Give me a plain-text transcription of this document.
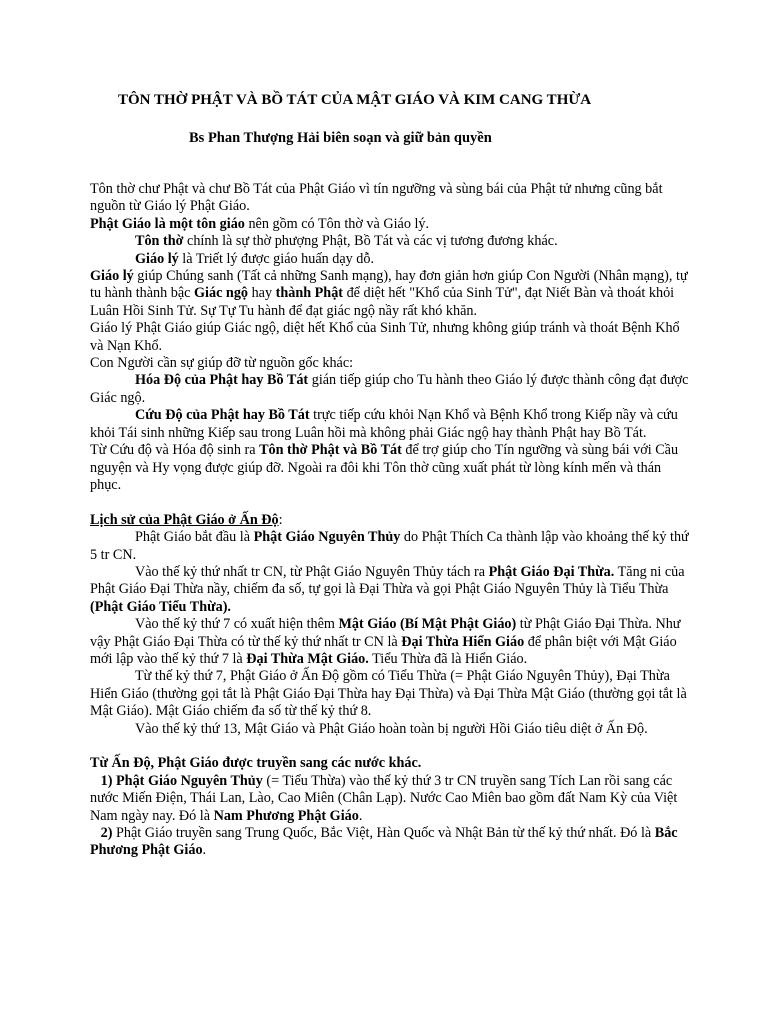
TÔN THỜ PHẬT VÀ BỒ TÁT CỦA MẬT GIÁO VÀ KIM CANG THỪA
Bs Phan Thượng Hải biên soạn và giữ bản quyền

Tôn thờ chư Phật và chư Bồ Tát của Phật Giáo vì tín ngưỡng và sùng bái của Phật tử nhưng cũng bắt nguồn từ Giáo lý Phật Giáo.

Phật Giáo là một tôn giáo nên gồm có Tôn thờ và Giáo lý.

Tôn thờ chính là sự thờ phượng Phật, Bồ Tát và các vị tương đương khác.

Giáo lý là Triết lý được giáo huấn dạy dỗ.

Giáo lý giúp Chúng sanh (Tất cả những Sanh mạng), hay đơn giản hơn giúp Con Người (Nhân mạng), tự tu hành thành bậc Giác ngộ hay thành Phật để diệt hết "Khổ của Sinh Tử", đạt Niết Bàn và thoát khỏi Luân Hồi Sinh Tử. Sự Tự Tu hành để đạt giác ngộ nầy rất khó khăn.

Giáo lý Phật Giáo giúp Giác ngộ, diệt hết Khổ của Sinh Tử, nhưng không giúp tránh và thoát Bệnh Khổ và Nạn Khổ.

Con Người cần sự giúp đỡ từ nguồn gốc khác:

Hóa Độ của Phật hay Bồ Tát gián tiếp giúp cho Tu hành theo Giáo lý được thành công đạt được Giác ngộ.

Cứu Độ của Phật hay Bồ Tát trực tiếp cứu khỏi Nạn Khổ và Bệnh Khổ trong Kiếp nầy và cứu khỏi Tái sinh những Kiếp sau trong Luân hồi mà không phải Giác ngộ hay thành Phật hay Bồ Tát.

Từ Cứu độ và Hóa độ sinh ra Tôn thờ Phật và Bồ Tát để trợ giúp cho Tín ngưỡng và sùng bái với Cầu nguyện và Hy vọng được giúp đỡ. Ngoài ra đôi khi Tôn thờ cũng xuất phát từ lòng kính mến và thán phục.

Lịch sử của Phật Giáo ở Ấn Độ:

Phật Giáo bắt đầu là Phật Giáo Nguyên Thủy do Phật Thích Ca thành lập vào khoảng thế kỷ thứ 5 tr CN.

Vào thế kỷ thứ nhất tr CN, từ Phật Giáo Nguyên Thủy tách ra Phật Giáo Đại Thừa. Tăng ni của Phật Giáo Đại Thừa nầy, chiếm đa số, tự gọi là Đại Thừa và gọi Phật Giáo Nguyên Thủy là Tiểu Thừa (Phật Giáo Tiểu Thừa).

Vào thế kỷ thứ 7 có xuất hiện thêm Mật Giáo (Bí Mật Phật Giáo) từ Phật Giáo Đại Thừa. Như vậy Phật Giáo Đại Thừa có từ thế kỷ thứ nhất tr CN là Đại Thừa Hiển Giáo để phân biệt với Mật Giáo mới lập vào thế kỷ thứ 7 là Đại Thừa Mật Giáo. Tiểu Thừa đã là Hiển Giáo.

Từ thế kỷ thứ 7, Phật Giáo ở Ấn Độ gồm có Tiểu Thừa (= Phật Giáo Nguyên Thủy), Đại Thừa Hiển Giáo (thường gọi tắt là Phật Giáo Đại Thừa hay Đại Thừa) và Đại Thừa Mật Giáo (thường gọi tắt là Mật Giáo). Mật Giáo chiếm đa số từ thế kỷ thứ 8.

Vào thế kỷ thứ 13, Mật Giáo và Phật Giáo hoàn toàn bị người Hồi Giáo tiêu diệt ở Ấn Độ.

Từ Ấn Độ, Phật Giáo được truyền sang các nước khác.

1) Phật Giáo Nguyên Thủy (= Tiểu Thừa) vào thế kỷ thứ 3 tr CN truyền sang Tích Lan rồi sang các nước Miến Điện, Thái Lan, Lào, Cao Miên (Chân Lạp). Nước Cao Miên bao gồm đất Nam Kỳ của Việt Nam ngày nay. Đó là Nam Phương Phật Giáo.

2) Phật Giáo truyền sang Trung Quốc, Bắc Việt, Hàn Quốc và Nhật Bản từ thế kỷ thứ nhất. Đó là Bắc Phương Phật Giáo.
